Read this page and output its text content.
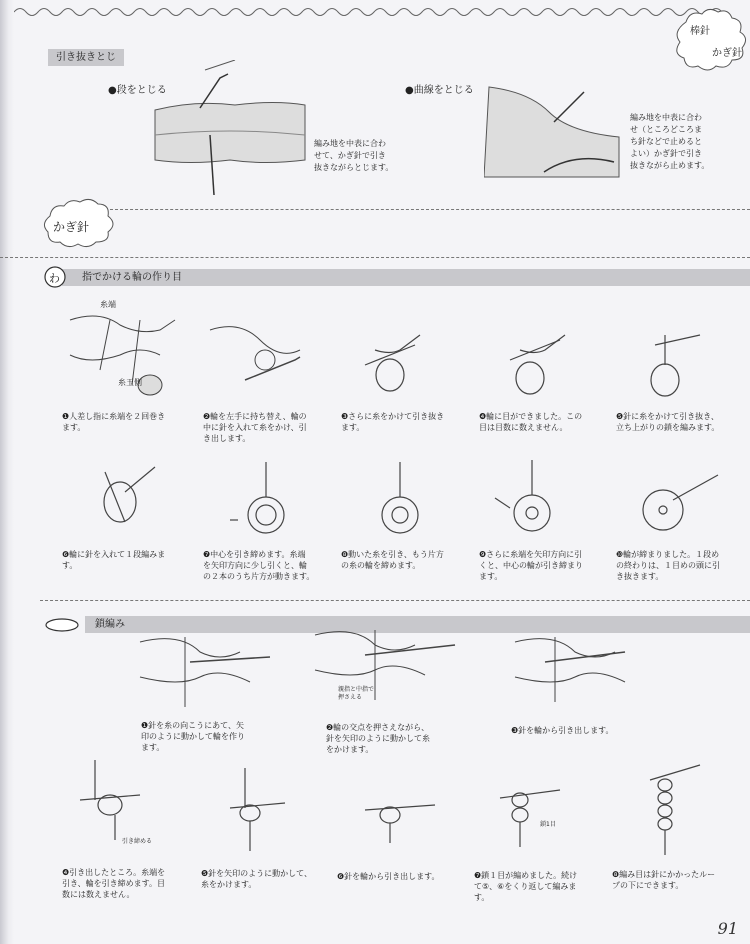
棒針
かぎ針
引き抜きとじ
●段をとじる
編み地を中表に合わ
せて、かぎ針で引き
抜きながらとじます。
●曲線をとじる
編み地を中表に合わ
せ（ところどころま
ち針などで止めると
よい）かぎ針で引き
抜きながら止めます。
かぎ針
指でかける輪の作り目
わ
糸端
糸玉側
❶人差し指に糸端を２回巻き
ます。
❷輪を左手に持ち替え、輪の
中に針を入れて糸をかけ、引
き出します。
❸さらに糸をかけて引き抜き
ます。
❹輪に目ができました。この
目は目数に数えません。
❺針に糸をかけて引き抜き、
立ち上がりの鎖を編みます。
❻輪に針を入れて１段編みま
す。
❼中心を引き締めます。糸端
を矢印方向に少し引くと、輪
の２本のうち片方が動きます。
❽動いた糸を引き、もう片方
の糸の輪を締めます。
❾さらに糸端を矢印方向に引
くと、中心の輪が引き締まり
ます。
❿輪が締まりました。１段め
の終わりは、１目めの頭に引
き抜きます。
鎖編み
親指と中指で
押さえる
❶針を糸の向こうにあて、矢
印のように動かして輪を作り
ます。
❷輪の交点を押さえながら、
針を矢印のように動かして糸
をかけます。
❸針を輪から引き出します。
引き締める
鎖1目
❹引き出したところ。糸端を
引き、輪を引き締めます。目
数には数えません。
❺針を矢印のように動かして、
糸をかけます。
❻針を輪から引き出します。	❼鎖１目が編めました。続け
て⑤、⑥をくり返して編みま
す。
❽編み目は針にかかったルー
プの下にできます。
91
